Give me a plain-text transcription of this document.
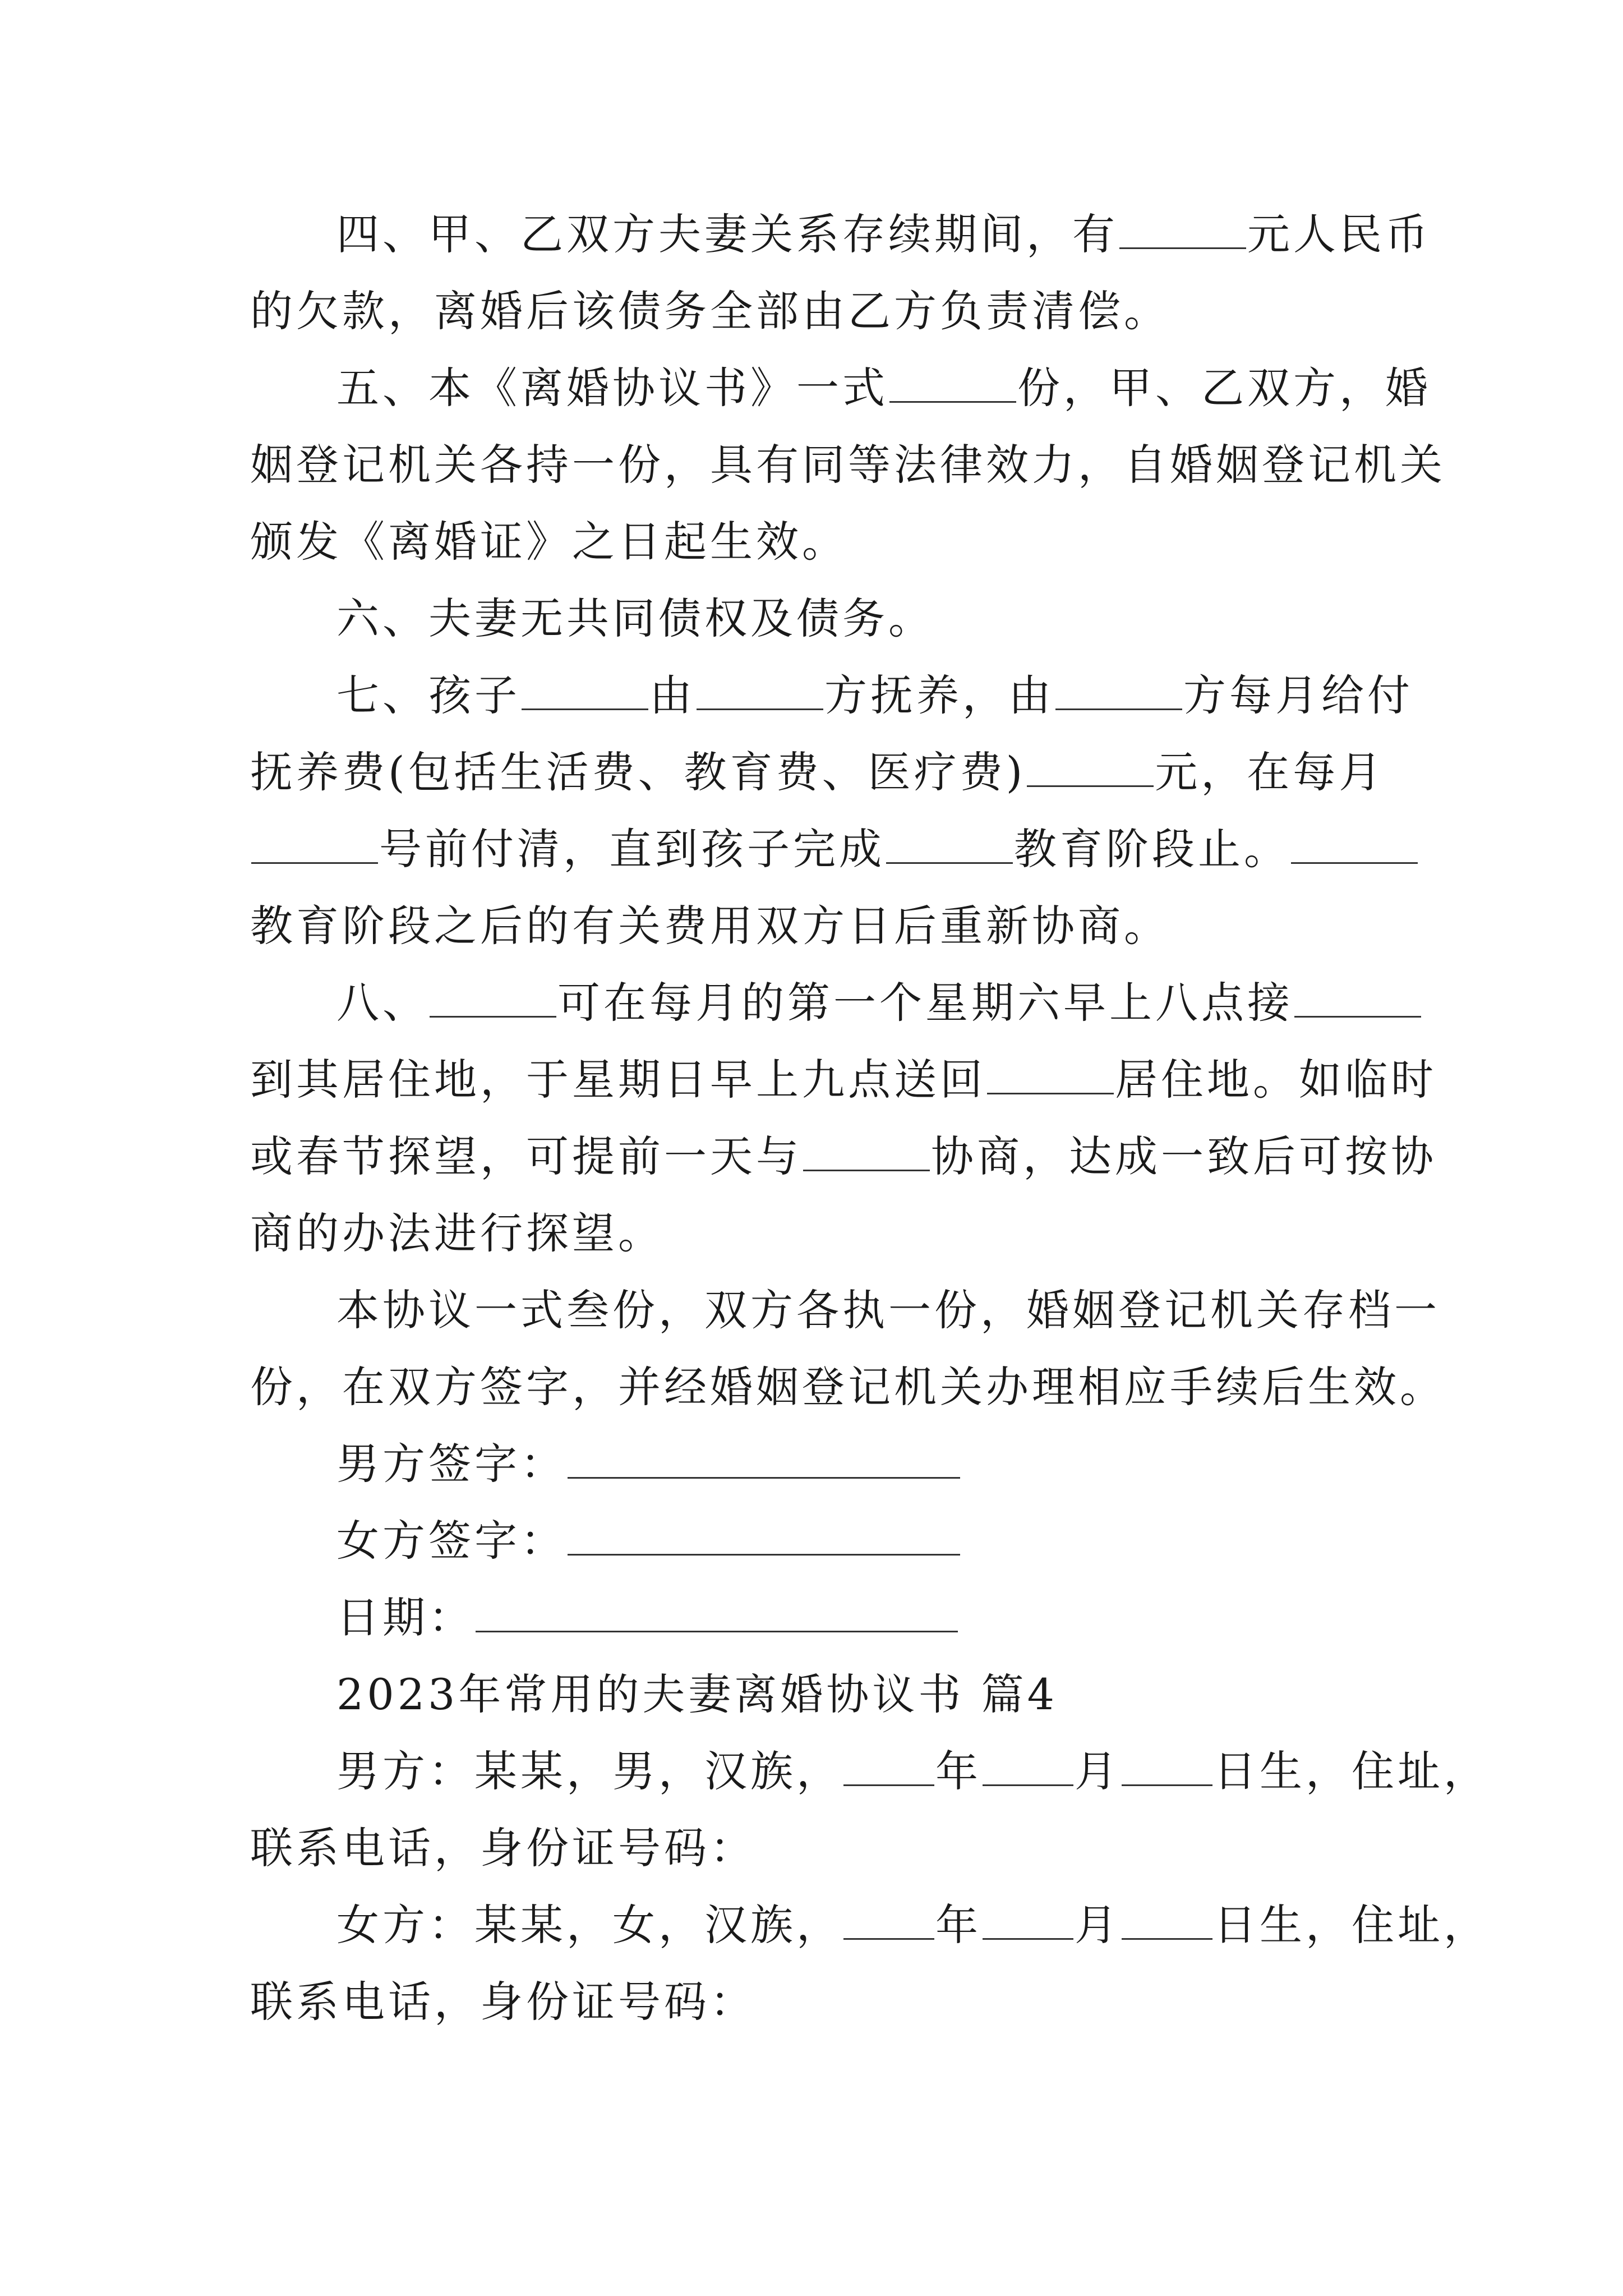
四、甲、乙双方夫妻关系存续期间，有	元人民币

的欠款，离婚后该债务全部由乙方负责清偿。

五、本《离婚协议书》一式	份，甲、乙双方，婚

姻登记机关各持一份，具有同等法律效力，自婚姻登记机关

颁发《离婚证》之日起生效。

六、夫妻无共同债权及债务。

七、孩子	由	方抚养，由	方每月给付

抚养费(包括生活费、教育费、医疗费)	元，在每月

号前付清，直到孩子完成	教育阶段止。

教育阶段之后的有关费用双方日后重新协商。

八、	可在每月的第一个星期六早上八点接

到其居住地，于星期日早上九点送回	居住地。如临时

或春节探望，可提前一天与	协商，达成一致后可按协

商的办法进行探望。

本协议一式叁份，双方各执一份，婚姻登记机关存档一

份，在双方签字，并经婚姻登记机关办理相应手续后生效。

男方签字：

女方签字：

日期：

2023年常用的夫妻离婚协议书 篇4

男方：某某，男，汉族， 年 月 日生，住址，

联系电话，身份证号码：

女方：某某，女，汉族， 年 月 日生，住址，

联系电话，身份证号码：
